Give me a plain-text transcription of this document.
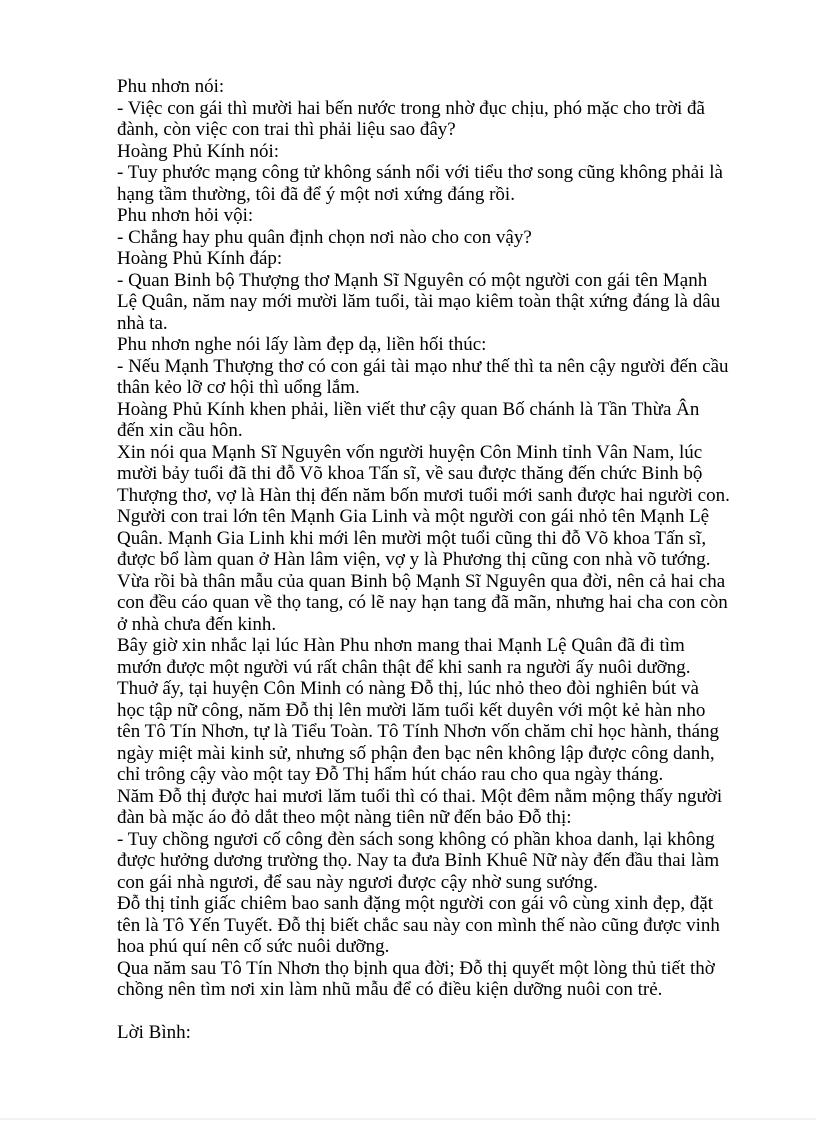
Phu nhơn nói:
- Việc con gái thì mười hai bến nước trong nhờ đục chịu, phó mặc cho trời đã
đành, còn việc con trai thì phải liệu sao đây?
Hoàng Phủ Kính nói:
- Tuy phước mạng công tử không sánh nổi với tiểu thơ song cũng không phải là
hạng tầm thường, tôi đã để ý một nơi xứng đáng rồi.
Phu nhơn hỏi vội:
- Chẳng hay phu quân định chọn nơi nào cho con vậy?
Hoàng Phủ Kính đáp:
- Quan Binh bộ Thượng thơ Mạnh Sĩ Nguyên có một người con gái tên Mạnh
Lệ Quân, năm nay mới mười lăm tuổi, tài mạo kiêm toàn thật xứng đáng là dâu
nhà ta.
Phu nhơn nghe nói lấy làm đẹp dạ, liền hối thúc:
- Nếu Mạnh Thượng thơ có con gái tài mạo như thế thì ta nên cậy người đến cầu
thân kẻo lỡ cơ hội thì uổng lắm.
Hoàng Phủ Kính khen phải, liền viết thư cậy quan Bố chánh là Tần Thừa Ân
đến xin cầu hôn.
Xin nói qua Mạnh Sĩ Nguyên vốn người huyện Côn Minh tỉnh Vân Nam, lúc
mười bảy tuổi đã thi đỗ Võ khoa Tấn sĩ, về sau được thăng đến chức Binh bộ
Thượng thơ, vợ là Hàn thị đến năm bốn mươi tuổi mới sanh được hai người con.
Người con trai lớn tên Mạnh Gia Linh và một người con gái nhỏ tên Mạnh Lệ
Quân. Mạnh Gia Linh khi mới lên mười một tuổi cũng thi đỗ Võ khoa Tấn sĩ,
được bổ làm quan ở Hàn lâm viện, vợ y là Phương thị cũng con nhà võ tướng.
Vừa rồi bà thân mẫu của quan Binh bộ Mạnh Sĩ Nguyên qua đời, nên cả hai cha
con đều cáo quan về thọ tang, có lẽ nay hạn tang đã mãn, nhưng hai cha con còn
ở nhà chưa đến kinh.
Bây giờ xin nhắc lại lúc Hàn Phu nhơn mang thai Mạnh Lệ Quân đã đi tìm
mướn được một người vú rất chân thật để khi sanh ra người ấy nuôi dưỡng.
Thuở ấy, tại huyện Côn Minh có nàng Đỗ thị, lúc nhỏ theo đòi nghiên bút và
học tập nữ công, năm Đỗ thị lên mười lăm tuổi kết duyên với một kẻ hàn nho
tên Tô Tín Nhơn, tự là Tiểu Toàn. Tô Tính Nhơn vốn chăm chỉ học hành, tháng
ngày miệt mài kinh sử, nhưng số phận đen bạc nên không lập được công danh,
chỉ trông cậy vào một tay Đỗ Thị hẩm hút cháo rau cho qua ngày tháng.
Năm Đỗ thị được hai mươi lăm tuổi thì có thai. Một đêm nằm mộng thấy người
đàn bà mặc áo đỏ dắt theo một nàng tiên nữ đến bảo Đỗ thị:
- Tuy chồng ngươi cố công đèn sách song không có phần khoa danh, lại không
được hưởng dương trường thọ. Nay ta đưa Bỉnh Khuê Nữ này đến đầu thai làm
con gái nhà ngươi, để sau này ngươi được cậy nhờ sung sướng.
Đỗ thị tỉnh giấc chiêm bao sanh đặng một người con gái vô cùng xinh đẹp, đặt
tên là Tô Yến Tuyết. Đỗ thị biết chắc sau này con mình thế nào cũng được vinh
hoa phú quí nên cố sức nuôi dưỡng.
Qua năm sau Tô Tín Nhơn thọ bịnh qua đời; Đỗ thị quyết một lòng thủ tiết thờ
chồng nên tìm nơi xin làm nhũ mẫu để có điều kiện dưỡng nuôi con trẻ.
Lời Bình:
